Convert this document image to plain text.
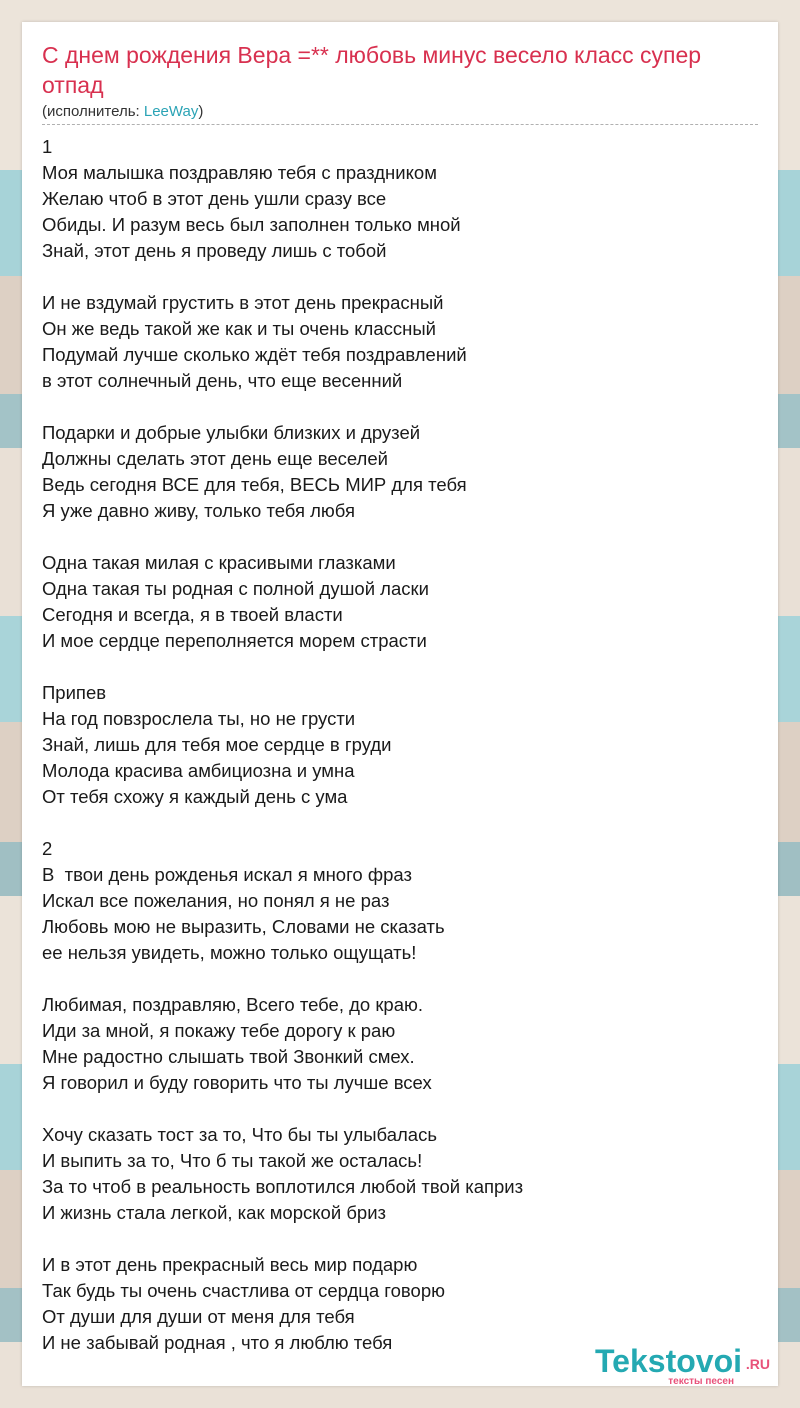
С днем рождения Вера =** любовь минус весело класс супер отпад
(исполнитель: LeeWay)
1
Моя малышка поздравляю тебя с праздником
Желаю чтоб в этот день ушли сразу все
Обиды. И разум весь был заполнен только мной
Знай, этот день я проведу лишь с тобой

И не вздумай грустить в этот день прекрасный
Он же ведь такой же как и ты очень классный
Подумай лучше сколько ждёт тебя поздравлений
в этот солнечный день, что еще весенний

Подарки и добрые улыбки близких и друзей
Должны сделать этот день еще веселей
Ведь сегодня ВСЕ для тебя, ВЕСЬ МИР для тебя
Я уже давно живу, только тебя любя

Одна такая милая с красивыми глазками
Одна такая ты родная с полной душой ласки
Сегодня и всегда, я в твоей власти
И мое сердце переполняется морем страсти

Припев
На год повзрослела ты, но не грусти
Знай, лишь для тебя мое сердце в груди
Молода красива амбициозна и умна
От тебя схожу я каждый день с ума

2
В  твои день рожденья искал я много фраз
Искал все пожелания, но понял я не раз
Любовь мою не выразить, Словами не сказать
ее нельзя увидеть, можно только ощущать!

Любимая, поздравляю, Всего тебе, до краю.
Иди за мной, я покажу тебе дорогу к раю
Мне радостно слышать твой Звонкий смех.
Я говорил и буду говорить что ты лучше всех

Хочу сказать тост за то, Что бы ты улыбалась
И выпить за то, Что б ты такой же осталась!
За то чтоб в реальность воплотился любой твой каприз
И жизнь стала легкой, как морской бриз

И в этот день прекрасный весь мир подарю
Так будь ты очень счастлива от сердца говорю
От души для души от меня для тебя
И не забывай родная , что я люблю тебя
Tekstovoi .RU
тексты песен
